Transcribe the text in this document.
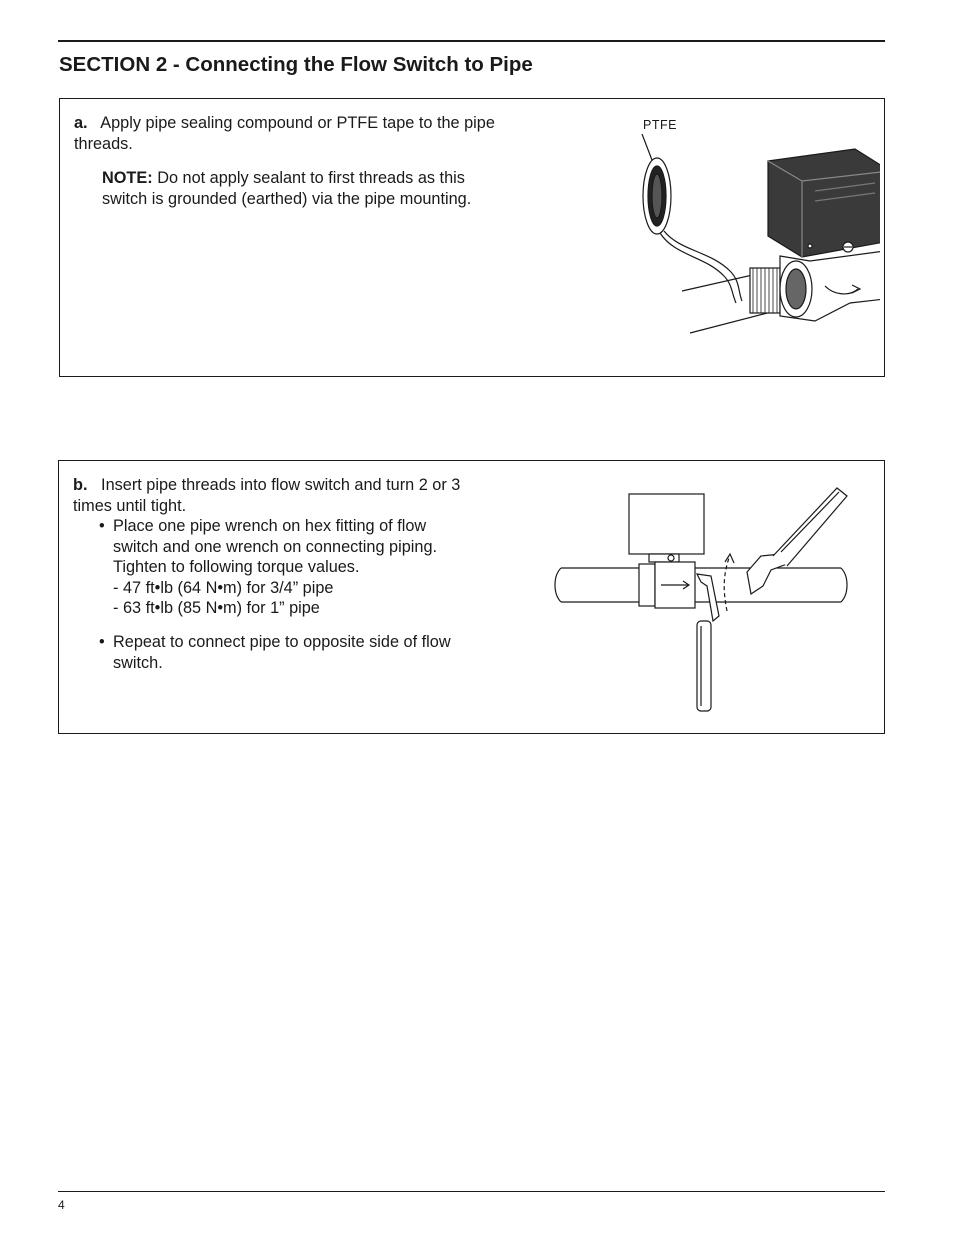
SECTION 2 - Connecting the Flow Switch to Pipe
a. Apply pipe sealing compound or PTFE tape to the pipe threads.
NOTE: Do not apply sealant to first threads as this switch is grounded (earthed) via the pipe mounting.
PTFE
b. Insert pipe threads into flow switch and turn 2 or 3 times until tight.
• Place one pipe wrench on hex fitting of flow switch and one wrench on connecting piping. Tighten to following torque values.
- 47 ft•lb (64 N•m) for 3/4” pipe
- 63 ft•lb (85 N•m) for 1” pipe
• Repeat to connect pipe to opposite side of flow switch.
4
